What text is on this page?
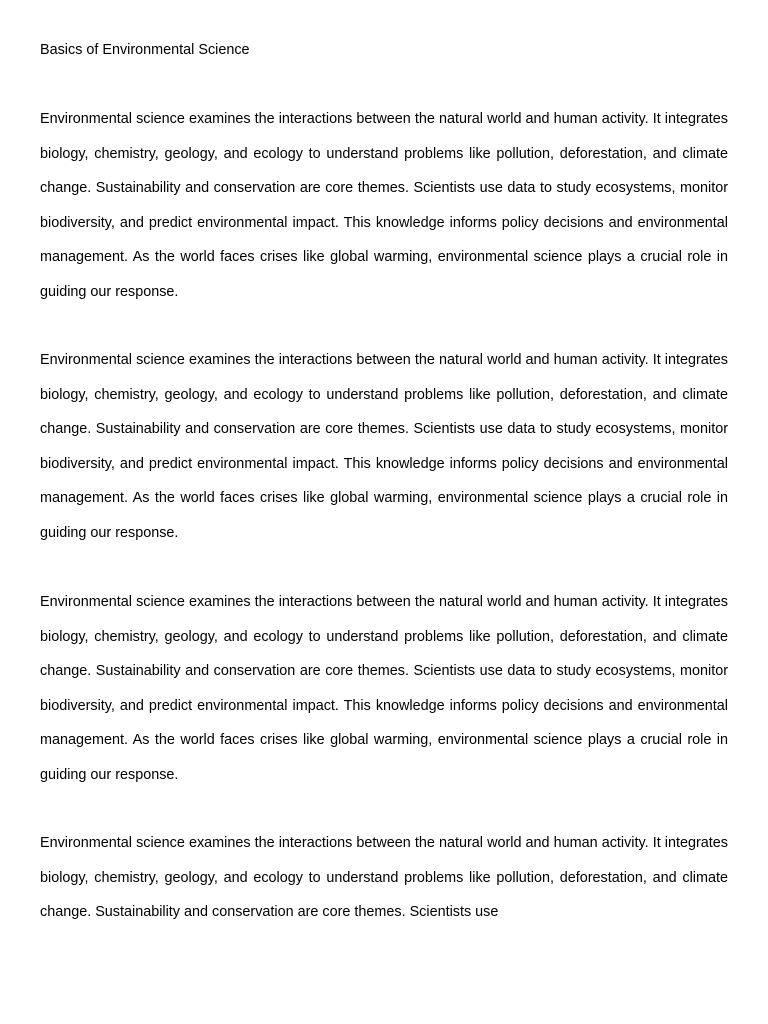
Basics of Environmental Science

Environmental science examines the interactions between the natural world and human activity. It integrates biology, chemistry, geology, and ecology to understand problems like pollution, deforestation, and climate change. Sustainability and conservation are core themes. Scientists use data to study ecosystems, monitor biodiversity, and predict environmental impact. This knowledge informs policy decisions and environmental management. As the world faces crises like global warming, environmental science plays a crucial role in guiding our response.

Environmental science examines the interactions between the natural world and human activity. It integrates biology, chemistry, geology, and ecology to understand problems like pollution, deforestation, and climate change. Sustainability and conservation are core themes. Scientists use data to study ecosystems, monitor biodiversity, and predict environmental impact. This knowledge informs policy decisions and environmental management. As the world faces crises like global warming, environmental science plays a crucial role in guiding our response.

Environmental science examines the interactions between the natural world and human activity. It integrates biology, chemistry, geology, and ecology to understand problems like pollution, deforestation, and climate change. Sustainability and conservation are core themes. Scientists use data to study ecosystems, monitor biodiversity, and predict environmental impact. This knowledge informs policy decisions and environmental management. As the world faces crises like global warming, environmental science plays a crucial role in guiding our response.

Environmental science examines the interactions between the natural world and human activity. It integrates biology, chemistry, geology, and ecology to understand problems like pollution, deforestation, and climate change. Sustainability and conservation are core themes. Scientists use
